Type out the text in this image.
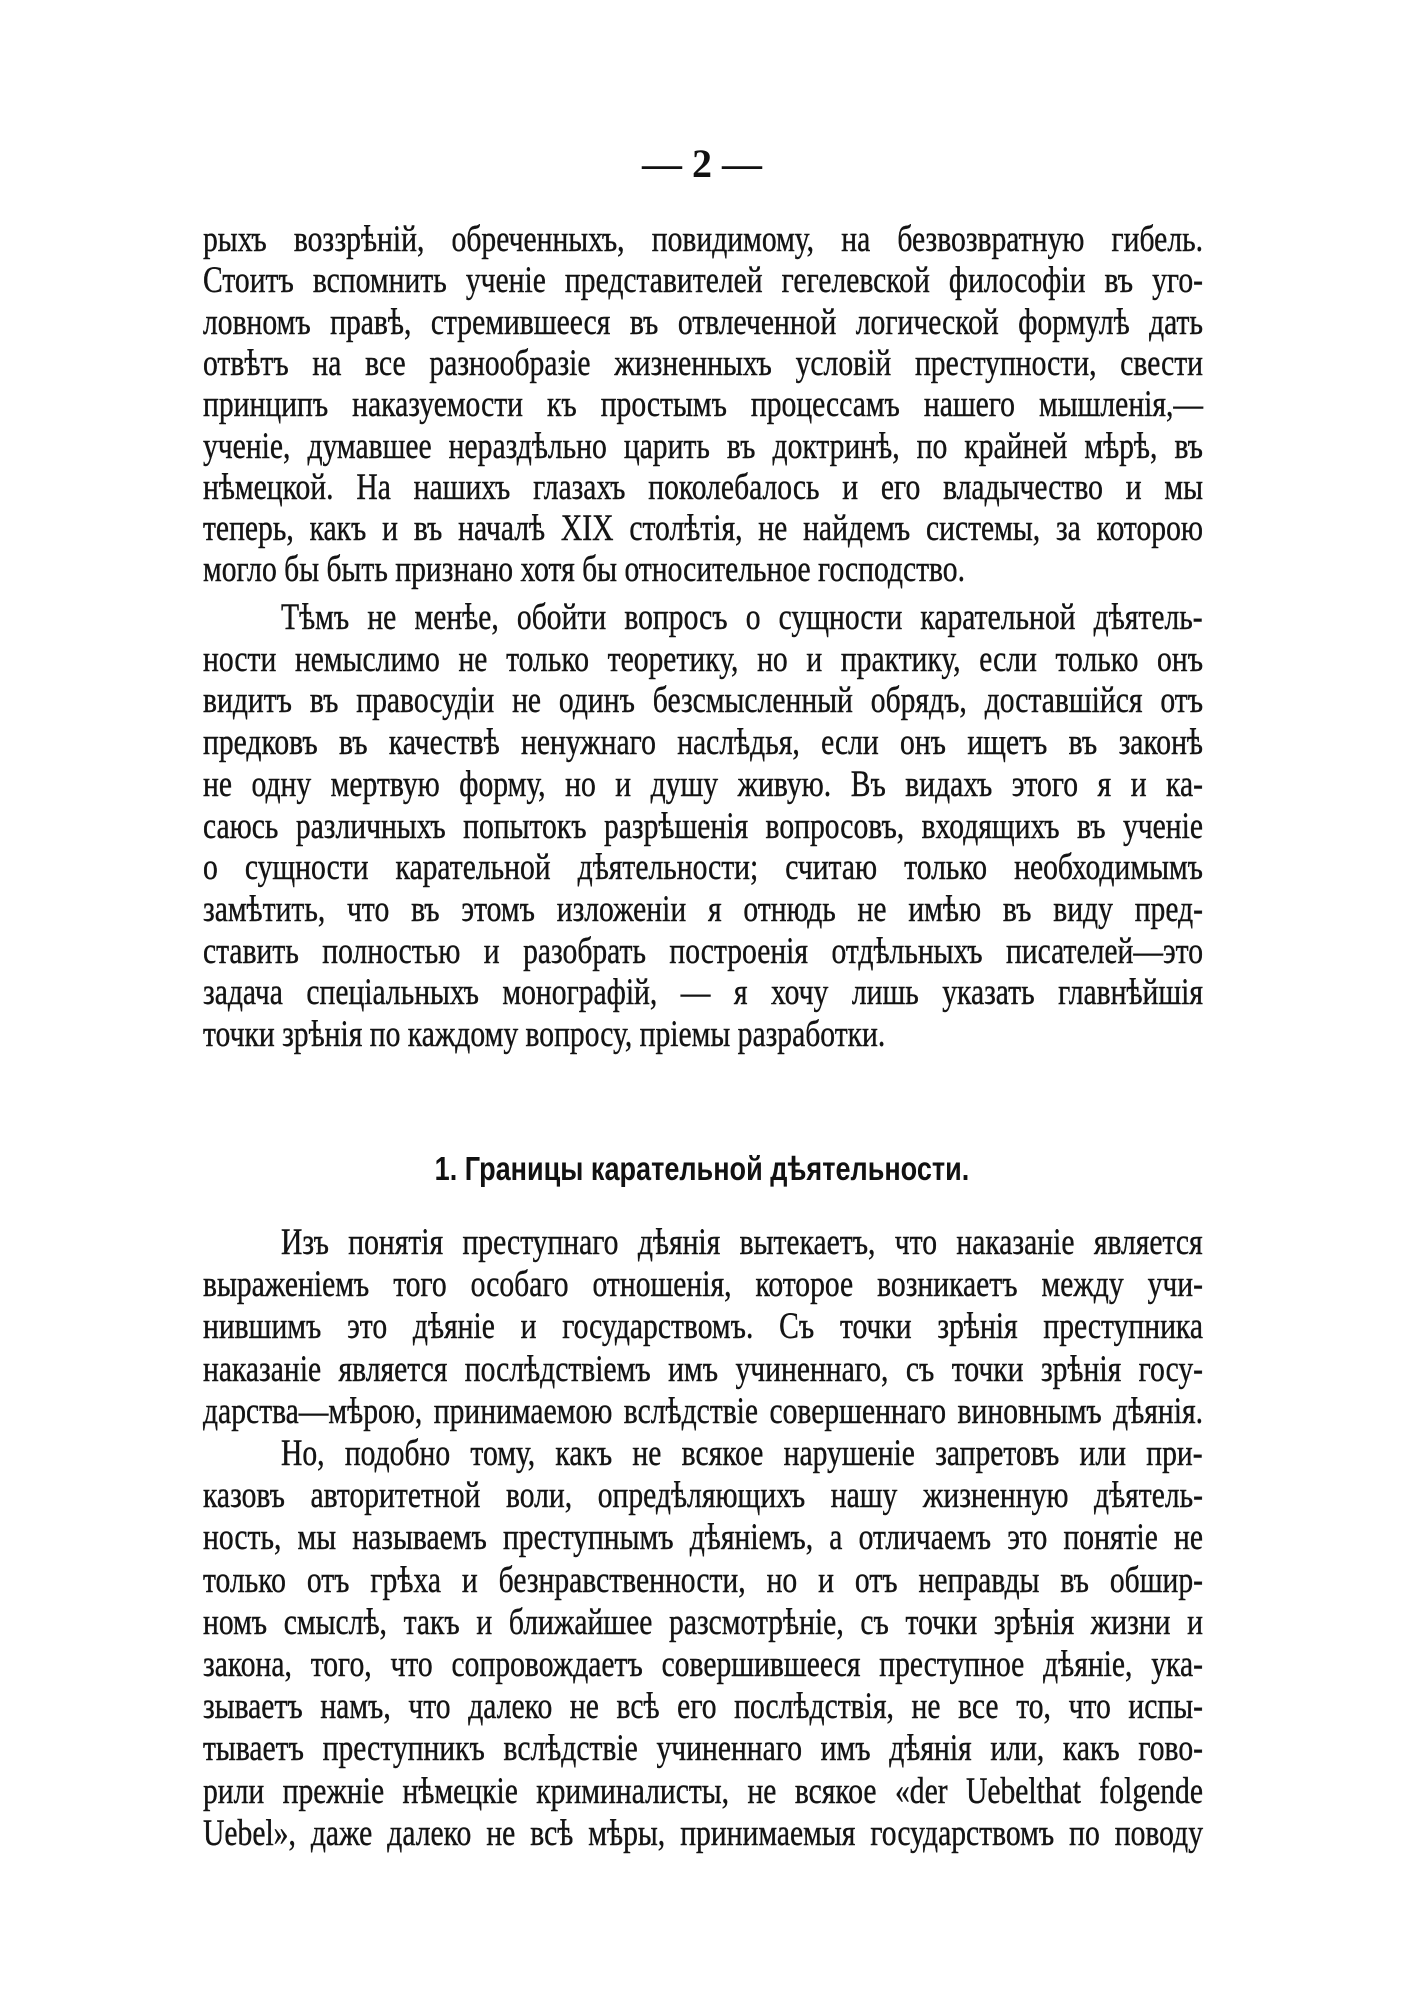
— 2 —
рыхъ воззрѣній, обреченныхъ, повидимому, на безвозвратную гибель.
Стоитъ вспомнить ученіе представителей гегелевской философіи въ уго-
ловномъ правѣ, стремившееся въ отвлеченной логической формулѣ дать
отвѣтъ на все разнообразіе жизненныхъ условій преступности, свести
принципъ наказуемости къ простымъ процессамъ нашего мышленія,—
ученіе, думавшее нераздѣльно царить въ доктринѣ, по крайней мѣрѣ, въ
нѣмецкой. На нашихъ глазахъ поколебалось и его владычество и мы
теперь, какъ и въ началѣ XIX столѣтія, не найдемъ системы, за которою
могло бы быть признано хотя бы относительное господство.
Тѣмъ не менѣе, обойти вопросъ о сущности карательной дѣятель-
ности немыслимо не только теоретику, но и практику, если только онъ
видитъ въ правосудіи не одинъ безсмысленный обрядъ, доставшійся отъ
предковъ въ качествѣ ненужнаго наслѣдья, если онъ ищетъ въ законѣ
не одну мертвую форму, но и душу живую. Въ видахъ этого я и ка-
саюсь различныхъ попытокъ разрѣшенія вопросовъ, входящихъ въ ученіе
о сущности карательной дѣятельности; считаю только необходимымъ
замѣтить, что въ этомъ изложеніи я отнюдь не имѣю въ виду пред-
ставить полностью и разобрать построенія отдѣльныхъ писателей—это
задача спеціальныхъ монографій, — я хочу лишь указать главнѣйшія
точки зрѣнія по каждому вопросу, пріемы разработки.
Изъ понятія преступнаго дѣянія вытекаетъ, что наказаніе является
выраженіемъ того особаго отношенія, которое возникаетъ между учи-
нившимъ это дѣяніе и государствомъ. Съ точки зрѣнія преступника
наказаніе является послѣдствіемъ имъ учиненнаго, съ точки зрѣнія госу-
дарства—мѣрою, принимаемою вслѣдствіе совершеннаго виновнымъ дѣянія.
Но, подобно тому, какъ не всякое нарушеніе запретовъ или при-
казовъ авторитетной воли, опредѣляющихъ нашу жизненную дѣятель-
ность, мы называемъ преступнымъ дѣяніемъ, а отличаемъ это понятіе не
только отъ грѣха и безнравственности, но и отъ неправды въ обшир-
номъ смыслѣ, такъ и ближайшее разсмотрѣніе, съ точки зрѣнія жизни и
закона, того, что сопровождаетъ совершившееся преступное дѣяніе, ука-
зываетъ намъ, что далеко не всѣ его послѣдствія, не все то, что испы-
тываетъ преступникъ вслѣдствіе учиненнаго имъ дѣянія или, какъ гово-
рили прежніе нѣмецкіе криминалисты, не всякое «der Uebelthat folgende
Uebel», даже далеко не всѣ мѣры, принимаемыя государствомъ по поводу
1. Границы карательной дѣятельности.
